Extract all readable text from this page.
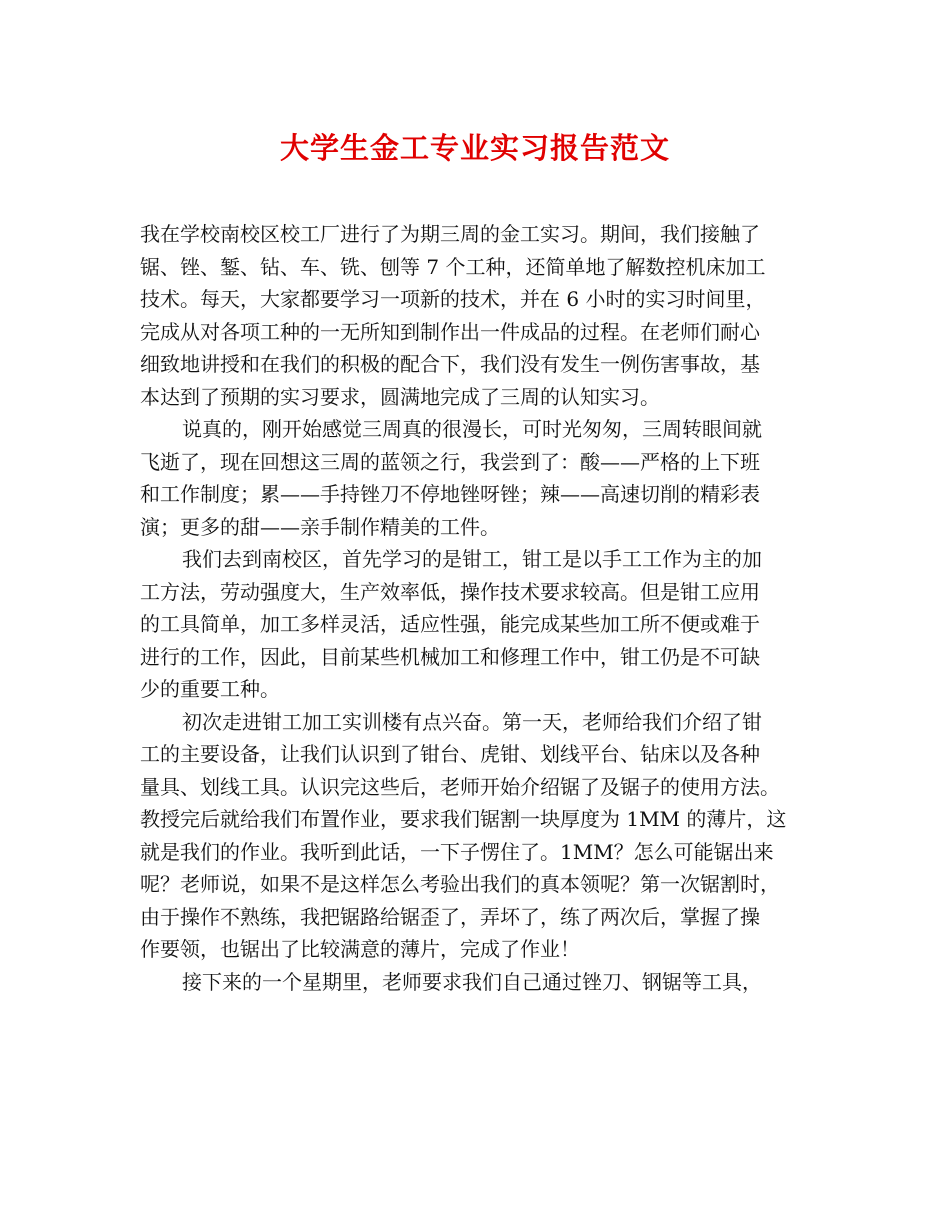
大学生金工专业实习报告范文
我在学校南校区校工厂进行了为期三周的金工实习。期间，我们接触了
锯、锉、錾、钻、车、铣、刨等 7 个工种，还简单地了解数控机床加工
技术。每天，大家都要学习一项新的技术，并在 6 小时的实习时间里，
完成从对各项工种的一无所知到制作出一件成品的过程。在老师们耐心
细致地讲授和在我们的积极的配合下，我们没有发生一例伤害事故，基
本达到了预期的实习要求，圆满地完成了三周的认知实习。
说真的，刚开始感觉三周真的很漫长，可时光匆匆，三周转眼间就
飞逝了，现在回想这三周的蓝领之行，我尝到了：酸——严格的上下班
和工作制度；累——手持锉刀不停地锉呀锉；辣——高速切削的精彩表
演；更多的甜——亲手制作精美的工件。
我们去到南校区，首先学习的是钳工，钳工是以手工工作为主的加
工方法，劳动强度大，生产效率低，操作技术要求较高。但是钳工应用
的工具简单，加工多样灵活，适应性强，能完成某些加工所不便或难于
进行的工作，因此，目前某些机械加工和修理工作中，钳工仍是不可缺
少的重要工种。
初次走进钳工加工实训楼有点兴奋。第一天，老师给我们介绍了钳
工的主要设备，让我们认识到了钳台、虎钳、划线平台、钻床以及各种
量具、划线工具。认识完这些后，老师开始介绍锯了及锯子的使用方法。
教授完后就给我们布置作业，要求我们锯割一块厚度为 1MM 的薄片，这
就是我们的作业。我听到此话，一下子愣住了。1MM？怎么可能锯出来
呢？老师说，如果不是这样怎么考验出我们的真本领呢？第一次锯割时，
由于操作不熟练，我把锯路给锯歪了，弄坏了，练了两次后，掌握了操
作要领，也锯出了比较满意的薄片，完成了作业！
接下来的一个星期里，老师要求我们自己通过锉刀、钢锯等工具，
